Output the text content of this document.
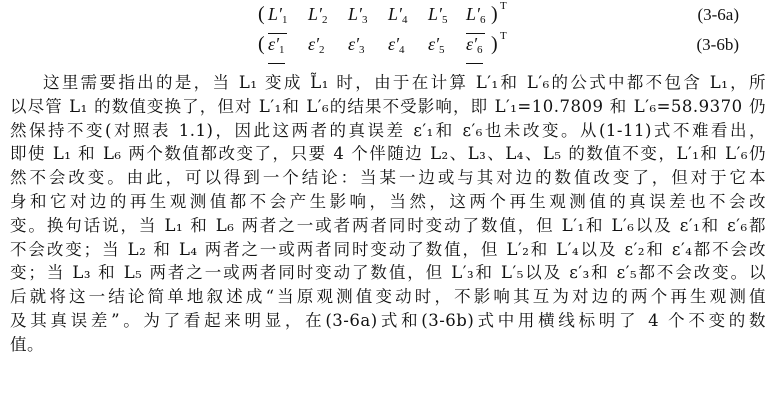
( $L'_1$ $L'_2$ $L'_3$ $L'_4$ $L'_5$ $L'_6$ ) T	(3-6a)
( $\varepsilon'_1$ $\varepsilon'_2$ $\varepsilon'_3$ $\varepsilon'_4$ $\varepsilon'_5$ $\varepsilon'_6$ ) T	(3-6b)
这里需要指出的是，当 L₁ 变成 L̃₁ 时，由于在计算 L′₁和 L′₆的公式中都不包含 L₁，所
以尽管 L₁ 的数值变换了，但对 L′₁和 L′₆的结果不受影响，即 L′₁=10.7809 和 L′₆=58.9370 仍
然保持不变(对照表 1.1)，因此这两者的真误差 ε′₁和 ε′₆也未改变。从(1-11)式不难看出，
即使 L₁ 和 L₆ 两个数值都改变了，只要 4 个伴随边 L₂、L₃、L₄、L₅ 的数值不变，L′₁和 L′₆仍
然不会改变。由此，可以得到一个结论：当某一边或与其对边的数值改变了，但对于它本
身和它对边的再生观测值都不会产生影响，当然，这两个再生观测值的真误差也不会改
变。换句话说，当 L₁ 和 L₆ 两者之一或者两者同时变动了数值，但 L′₁和 L′₆以及 ε′₁和 ε′₆都
不会改变；当 L₂ 和 L₄ 两者之一或两者同时变动了数值，但 L′₂和 L′₄以及 ε′₂和 ε′₄都不会改
变；当 L₃ 和 L₅ 两者之一或两者同时变动了数值，但 L′₃和 L′₅以及 ε′₃和 ε′₅都不会改变。以
后就将这一结论简单地叙述成“当原观测值变动时，不影响其互为对边的两个再生观测值
及其真误差”。为了看起来明显，在(3-6a)式和(3-6b)式中用横线标明了 4 个不变的数
值。
